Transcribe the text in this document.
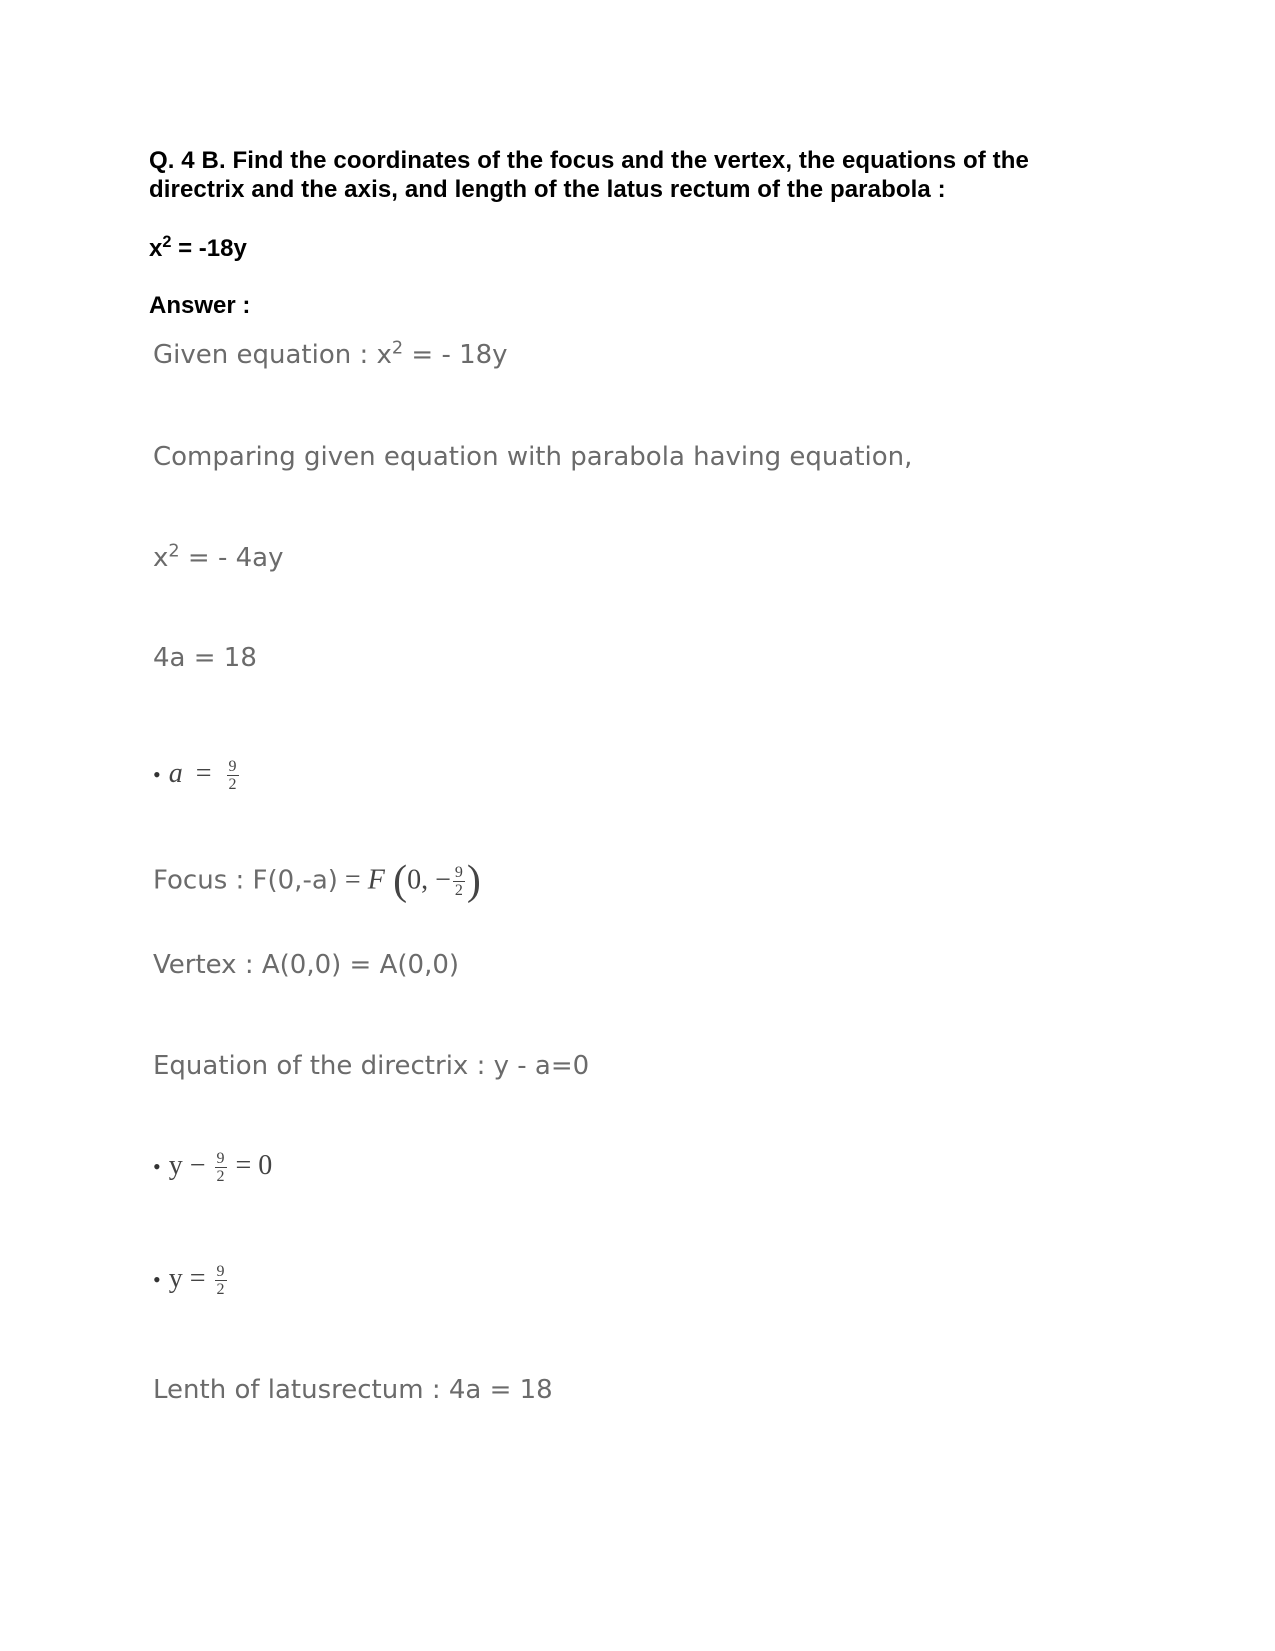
Q. 4 B. Find the coordinates of the focus and the vertex, the equations of the directrix and the axis, and length of the latus rectum of the parabola :
$x^2 = -18y$
Answer :
Given equation : $x^2$ = - 18y
Comparing given equation with parabola having equation,
$x^2$ = - 4ay
4a = 18
• $a = \frac{9}{2}$
Focus : F(0,-a) = F (0, − $\frac{9}{2}$ )
Vertex : A(0,0) = A(0,0)
Equation of the directrix : y - a=0
• $y - \frac{9}{2} = 0$
• $y = \frac{9}{2}$
Lenth of latusrectum : 4a = 18
